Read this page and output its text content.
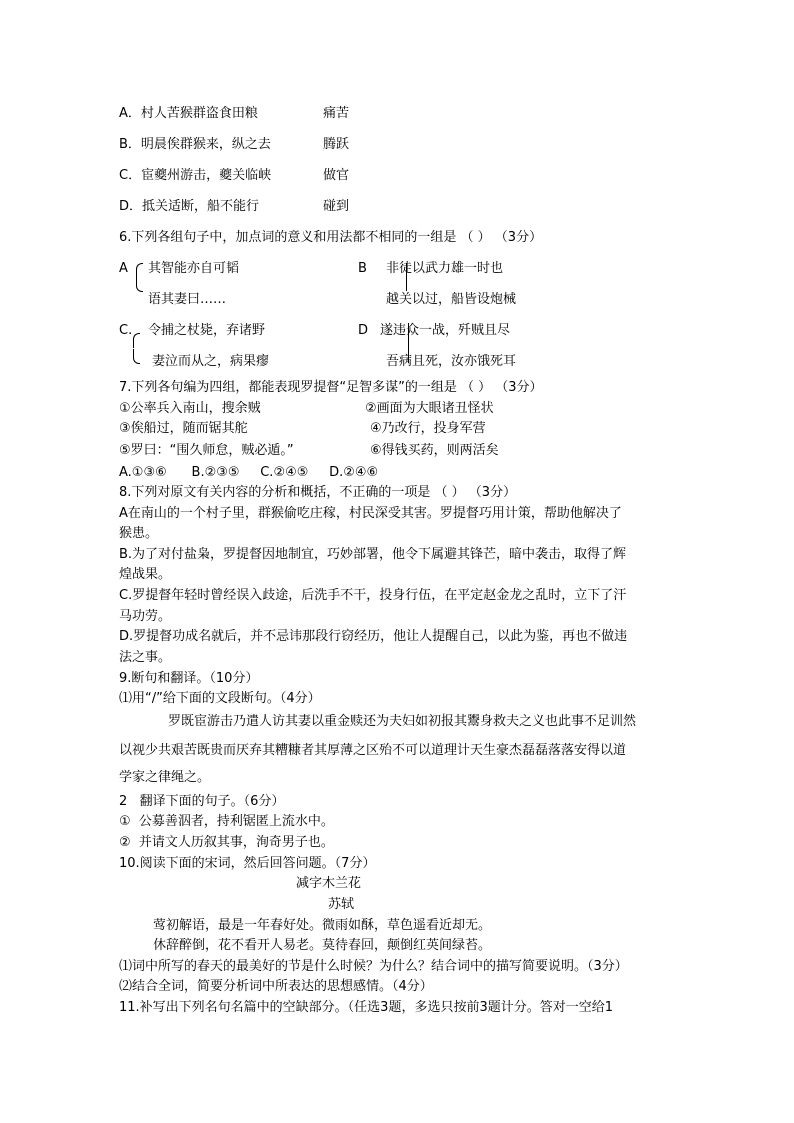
A．村人苦猴群盗食田粮	痛苦
B．明晨俟群猴来，纵之去	腾跃
C．宦夔州游击，夔关临峡	做官
D．抵关适断，船不能行	碰到
6.下列各组句子中，加点词的意义和用法都不相同的一组是 （ ） （3分）
A 其智能亦自可韬
语其妻曰……
B 非徒以武力雄一时也
越关以过，船皆设炮械
C. 令捕之杖毙，弃诸野
妻泣而从之，病果瘳
D 遂违众一战，歼贼且尽
吾病且死，汝亦饿死耳
7.下列各句编为四组，都能表现罗提督“足智多谋”的一组是 （ ） （3分）
①公率兵入南山，搜余贼	②画面为大眼诸丑怪状
③俟船过，随而锯其舵	④乃改行，投身军营
⑤罗曰：“围久师怠，贼必遁。”	⑥得钱买药，则两活矣
A.①③⑥      B.②③⑤     C.②④⑤     D.②④⑥
8.下列对原文有关内容的分析和概括，不正确的一项是 （ ） （3分）
A在南山的一个村子里，群猴偷吃庄稼，村民深受其害。罗提督巧用计策，帮助他解决了
猴患。
B.为了对付盐枭，罗提督因地制宜，巧妙部署，他令下属避其锋芒，暗中袭击，取得了辉
煌战果。
C.罗提督年轻时曾经误入歧途，后洗手不干，投身行伍，在平定赵金龙之乱时，立下了汗
马功劳。
D.罗提督功成名就后，并不忌讳那段行窃经历，他让人提醒自己，以此为鉴，再也不做违
法之事。
9.断句和翻译。（10分）
⑴用“/”给下面的文段断句。（4分）
罗既宦游击乃遣人访其妻以重金赎还为夫妇如初报其鬻身救夫之义也此事不足训然
以视少共艰苦既贵而厌弃其糟糠者其厚薄之区殆不可以道理计天生豪杰磊磊落落安得以道
学家之律绳之。
2   翻译下面的句子。（6分）
①  公募善泅者，持利锯匿上流水中。
②  并请文人历叙其事，洵奇男子也。
10.阅读下面的宋词，然后回答问题。（7分）
减字木兰花
苏轼
莺初解语，最是一年春好处。微雨如酥，草色遥看近却无。
休辞醉倒，花不看开人易老。莫待春回，颠倒红英间绿苔。
⑴词中所写的春天的最美好的节是什么时候？为什么？结合词中的描写简要说明。（3分）
⑵结合全词，简要分析词中所表达的思想感情。（4分）
11.补写出下列名句名篇中的空缺部分。（任选3题，多选只按前3题计分。答对一空给1
